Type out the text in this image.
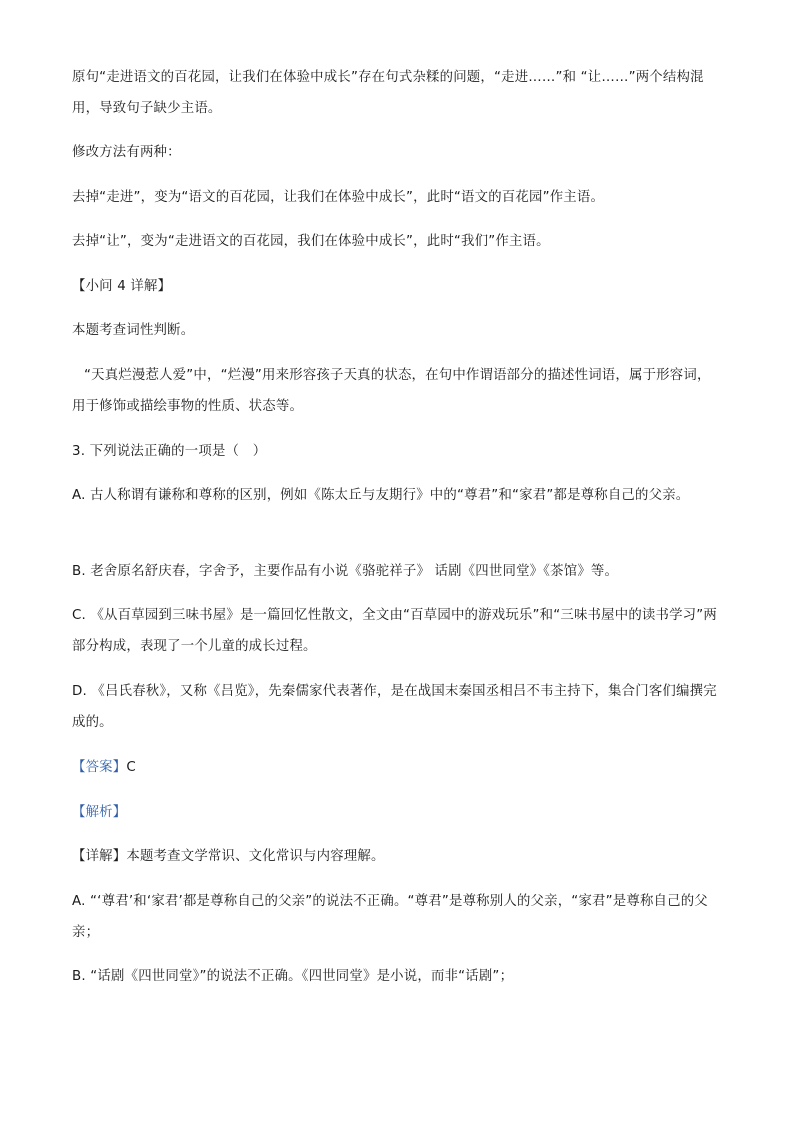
原句“走进语文的百花园，让我们在体验中成长”存在句式杂糅的问题，“走进……”和 “让……”两个结构混用，导致句子缺少主语。
修改方法有两种：
去掉“走进”，变为“语文的百花园，让我们在体验中成长”，此时“语文的百花园”作主语。
去掉“让”，变为“走进语文的百花园，我们在体验中成长”，此时“我们”作主语。
【小问 4 详解】
本题考查词性判断。
“天真烂漫惹人爱”中，“烂漫”用来形容孩子天真的状态，在句中作谓语部分的描述性词语，属于形容词，用于修饰或描绘事物的性质、状态等。
3. 下列说法正确的一项是（　）
A. 古人称谓有谦称和尊称的区别，例如《陈太丘与友期行》中的“尊君”和“家君”都是尊称自己的父亲。
B. 老舍原名舒庆春，字舍予，主要作品有小说《骆驼祥子》 话剧《四世同堂》《茶馆》等。
C. 《从百草园到三味书屋》是一篇回忆性散文，全文由“百草园中的游戏玩乐”和“三味书屋中的读书学习”两部分构成，表现了一个儿童的成长过程。
D. 《吕氏春秋》，又称《吕览》，先秦儒家代表著作，是在战国末秦国丞相吕不韦主持下，集合门客们编撰完成的。
【答案】C
【解析】
【详解】本题考查文学常识、文化常识与内容理解。
A. “‘尊君’和‘家君’都是尊称自己的父亲”的说法不正确。“尊君”是尊称别人的父亲，“家君”是尊称自己的父亲；
B. “话剧《四世同堂》”的说法不正确。《四世同堂》是小说，而非“话剧”；
